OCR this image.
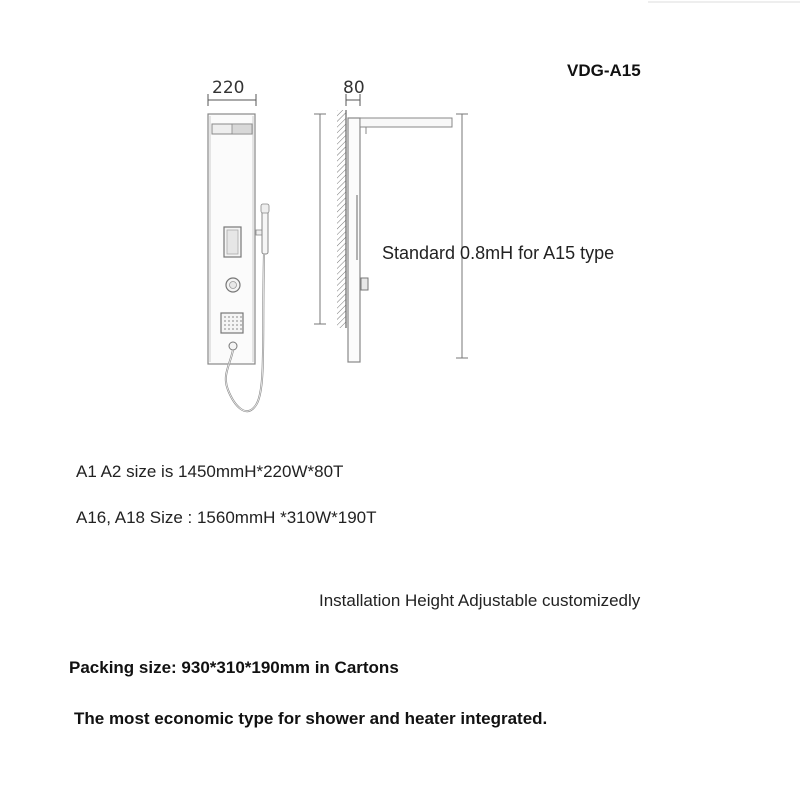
220	80
VDG-A15
Standard 0.8mH for A15 type
A1 A2 size is 1450mmH*220W*80T
A16, A18 Size : 1560mmH *310W*190T
Installation Height Adjustable customizedly
Packing size: 930*310*190mm in Cartons
The most economic type for shower and heater integrated.
